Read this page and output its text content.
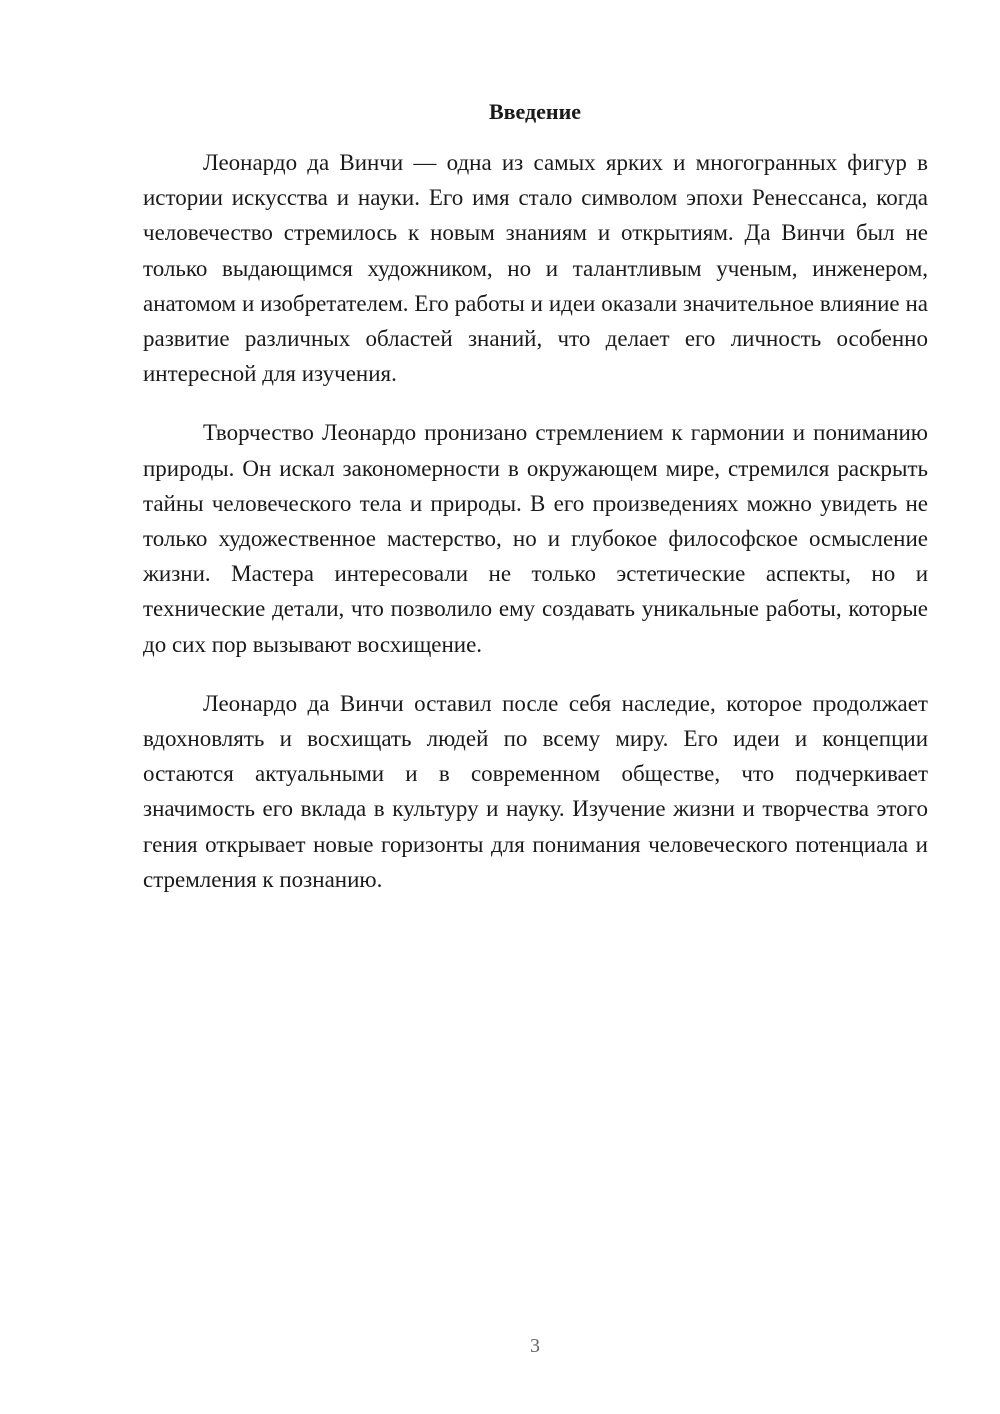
Введение

Леонардо да Винчи — одна из самых ярких и многогранных фигур в истории искусства и науки. Его имя стало символом эпохи Ренессанса, когда человечество стремилось к новым знаниям и открытиям. Да Винчи был не только выдающимся художником, но и талантливым ученым, инженером, анатомом и изобретателем. Его работы и идеи оказали значительное влияние на развитие различных областей знаний, что делает его личность особенно интересной для изучения.

Творчество Леонардо пронизано стремлением к гармонии и пониманию природы. Он искал закономерности в окружающем мире, стремился раскрыть тайны человеческого тела и природы. В его произведениях можно увидеть не только художественное мастерство, но и глубокое философское осмысление жизни. Мастера интересовали не только эстетические аспекты, но и технические детали, что позволило ему создавать уникальные работы, которые до сих пор вызывают восхищение.

Леонардо да Винчи оставил после себя наследие, которое продолжает вдохновлять и восхищать людей по всему миру. Его идеи и концепции остаются актуальными и в современном обществе, что подчеркивает значимость его вклада в культуру и науку. Изучение жизни и творчества этого гения открывает новые горизонты для понимания человеческого потенциала и стремления к познанию.

3
